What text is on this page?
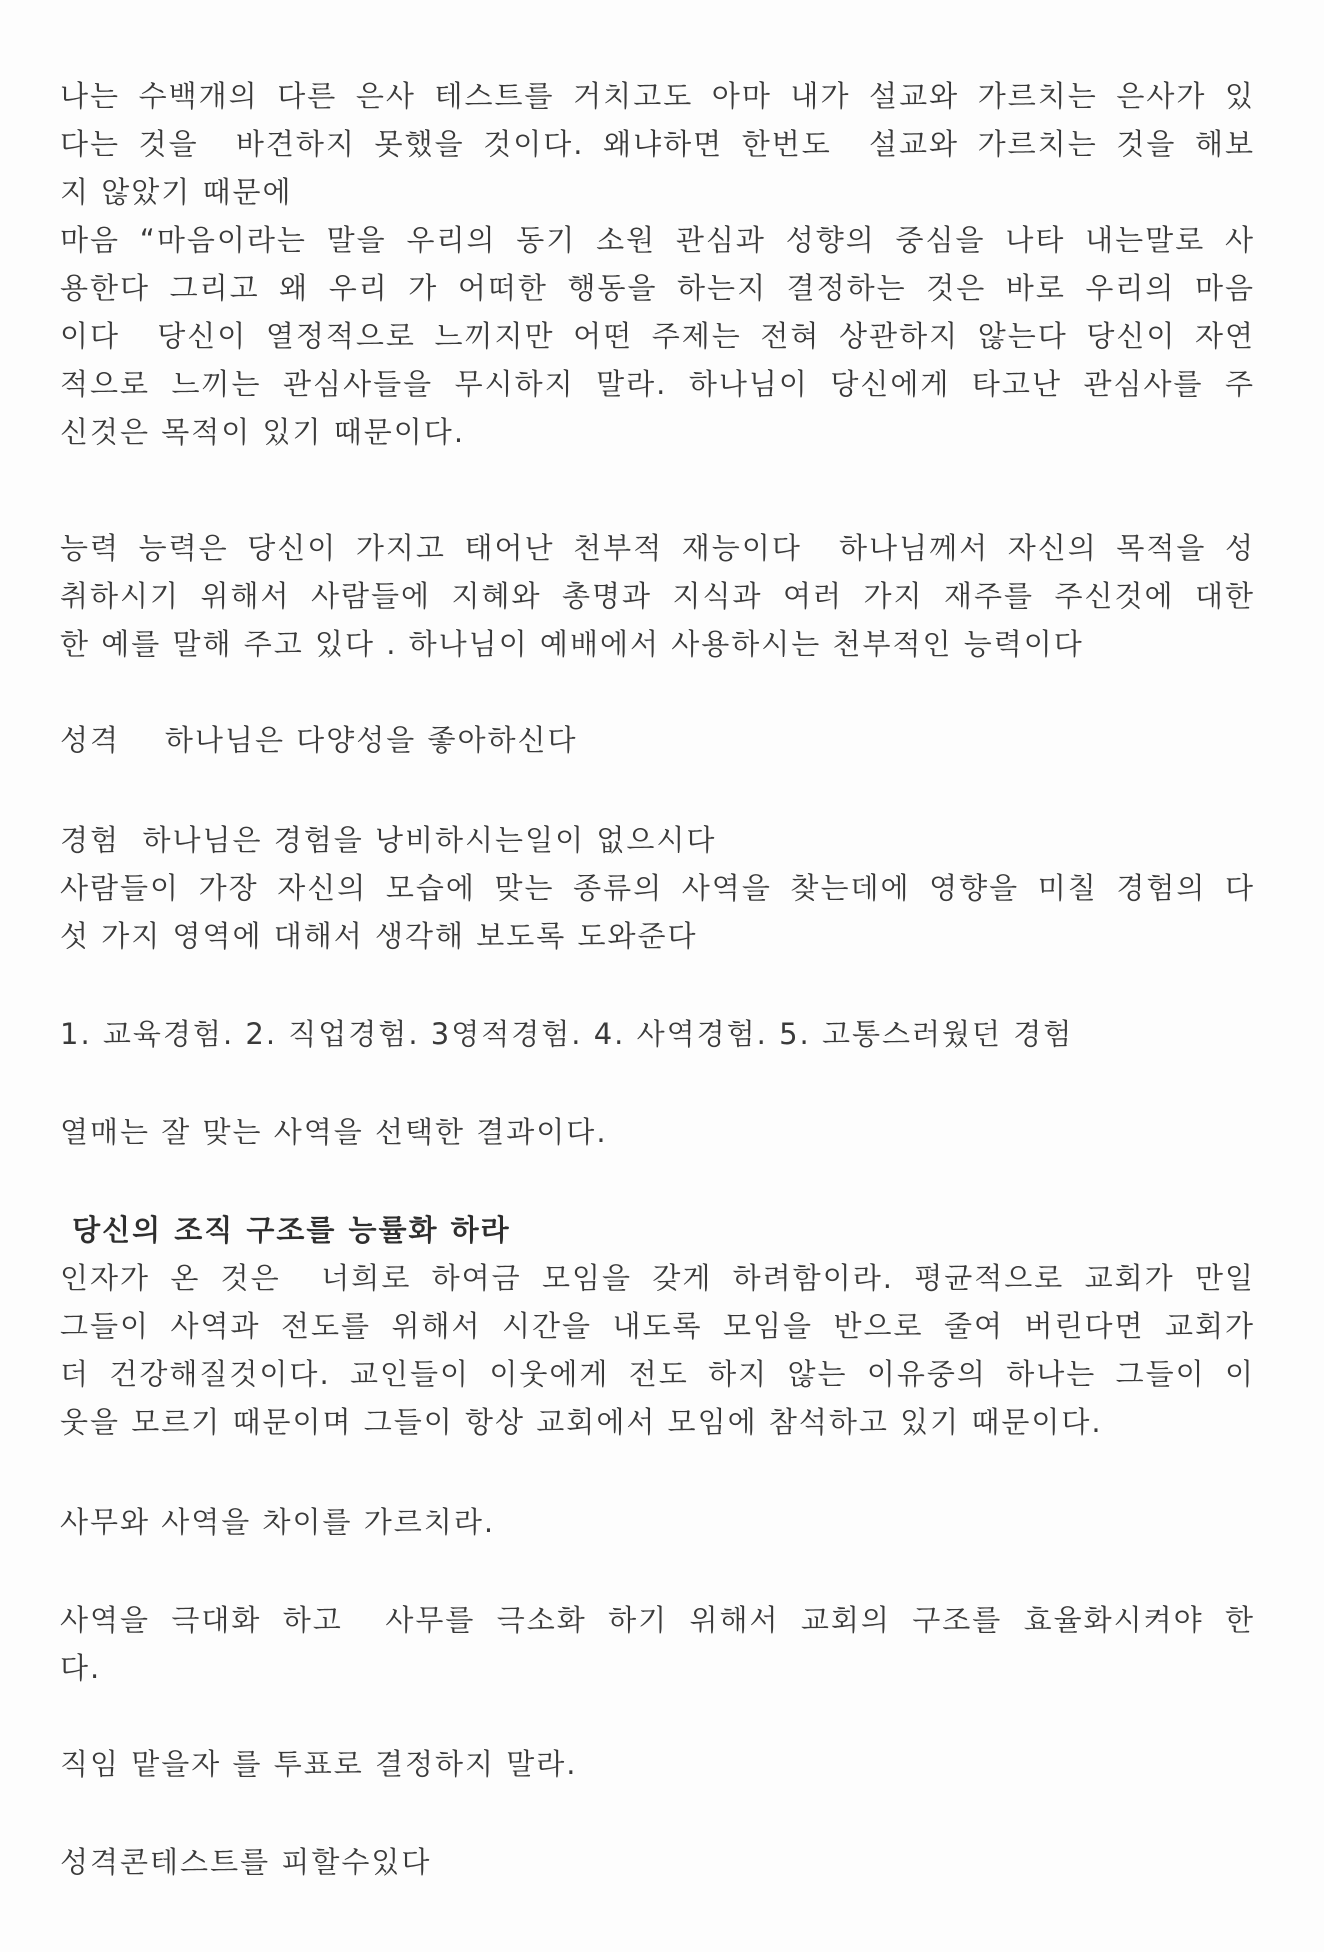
나는 수백개의 다른 은사 테스트를 거치고도 아마 내가 설교와 가르치는 은사가 있
다는 것을  바견하지 못했을 것이다. 왜냐하면 한번도  설교와 가르치는 것을 해보
지 않았기 때문에
마음 “마음이라는 말을 우리의 동기 소원 관심과 성향의 중심을 나타 내는말로 사
용한다 그리고 왜 우리 가 어떠한 행동을 하는지 결정하는 것은 바로 우리의 마음
이다  당신이 열정적으로 느끼지만 어떤 주제는 전혀 상관하지 않는다 당신이 자연
적으로 느끼는 관심사들을 무시하지 말라. 하나님이 당신에게 타고난 관심사를 주
신것은 목적이 있기 때문이다.
능력 능력은 당신이 가지고 태어난 천부적 재능이다  하나님께서 자신의 목적을 성
취하시기 위해서 사람들에 지혜와 총명과 지식과 여러 가지 재주를 주신것에 대한
한 예를 말해 주고 있다 . 하나님이 예배에서 사용하시는 천부적인 능력이다
성격    하나님은 다양성을 좋아하신다
경험  하나님은 경험을 낭비하시는일이 없으시다
사람들이 가장 자신의 모습에 맞는 종류의 사역을 찾는데에 영향을 미칠 경험의 다
섯 가지 영역에 대해서 생각해 보도록 도와준다
1. 교육경험. 2. 직업경험. 3영적경험. 4. 사역경험. 5. 고통스러웠던 경험
열매는 잘 맞는 사역을 선택한 결과이다.
당신의 조직 구조를 능률화 하라
인자가 온 것은  너희로 하여금 모임을 갖게 하려함이라. 평균적으로 교회가 만일
그들이 사역과 전도를 위해서 시간을 내도록 모임을 반으로 줄여 버린다면 교회가
더 건강해질것이다. 교인들이 이웃에게 전도 하지 않는 이유중의 하나는 그들이 이
웃을 모르기 때문이며 그들이 항상 교회에서 모임에 참석하고 있기 때문이다.
사무와 사역을 차이를 가르치라.
사역을 극대화 하고  사무를 극소화 하기 위해서 교회의 구조를 효율화시켜야 한
다.
직임 맡을자 를 투표로 결정하지 말라.
성격콘테스트를 피할수있다
